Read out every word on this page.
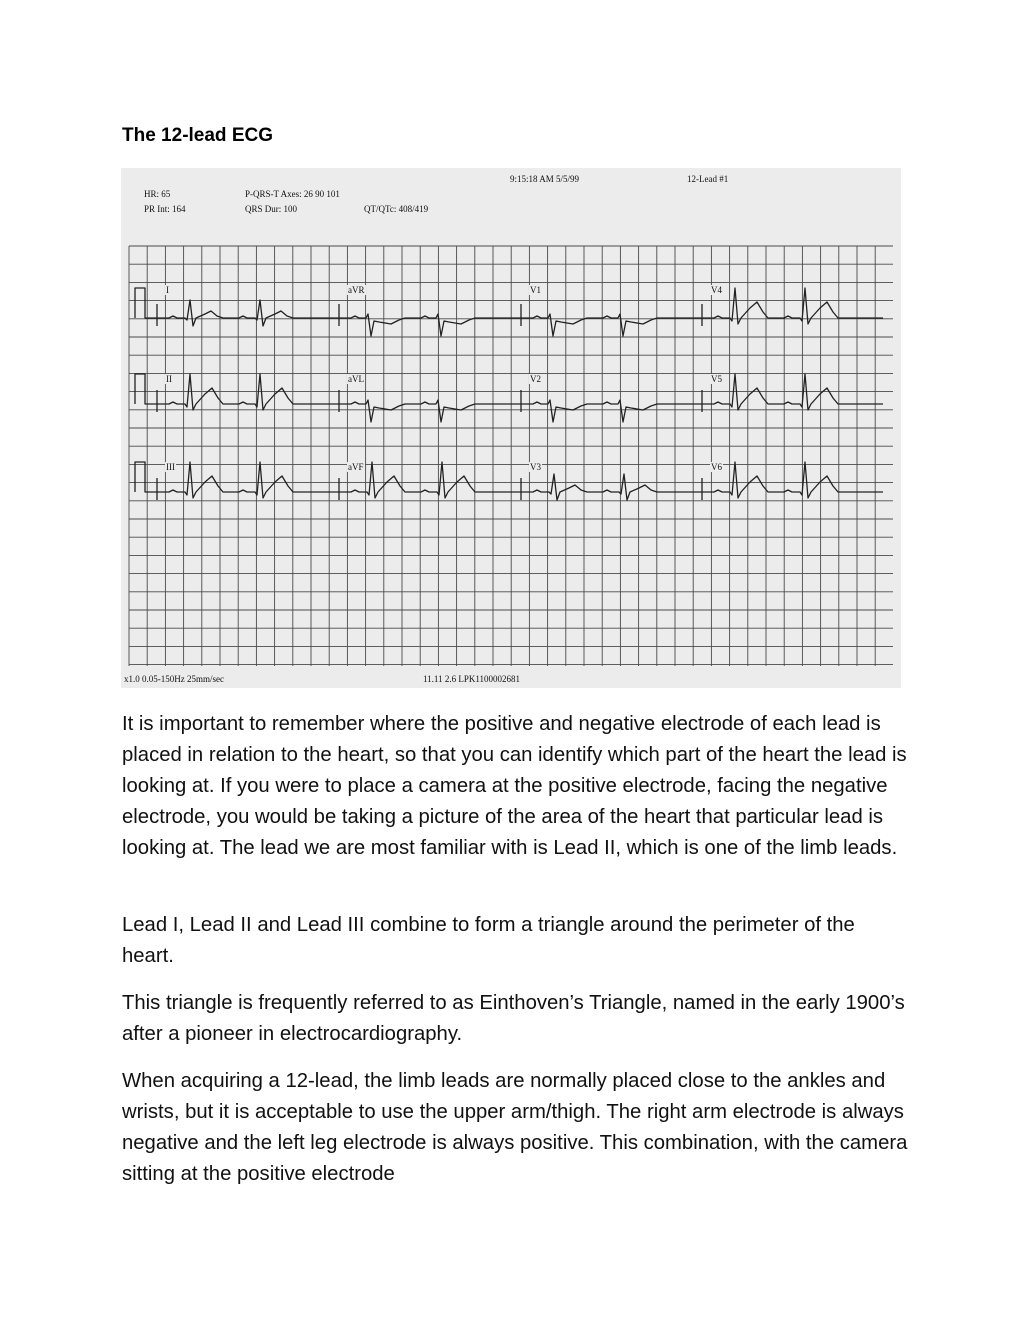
The 12-lead ECG
HR: 65
PR Int: 164
P-QRS-T Axes: 26 90 101
QRS Dur: 100	QT/QTc: 408/419
9:15:18 AM 5/5/99	12-Lead #1
x1.0 0.05-150Hz 25mm/sec	11.11 2.6 LPK1100002681
I	aVR	V1	V4
II	aVL	V2	V5
III	aVF	V3	V6

It is important to remember where the positive and negative electrode of each lead is placed in relation to the heart, so that you can identify which part of the heart the lead is looking at. If you were to place a camera at the positive electrode, facing the negative electrode, you would be taking a picture of the area of the heart that particular lead is looking at. The lead we are most familiar with is Lead II, which is one of the limb leads.

Lead I, Lead II and Lead III combine to form a triangle around the perimeter of the heart.

This triangle is frequently referred to as Einthoven’s Triangle, named in the early 1900’s after a pioneer in electrocardiography.

When acquiring a 12-lead, the limb leads are normally placed close to the ankles and wrists, but it is acceptable to use the upper arm/thigh. The right arm electrode is always negative and the left leg electrode is always positive. This combination, with the camera sitting at the positive electrode
